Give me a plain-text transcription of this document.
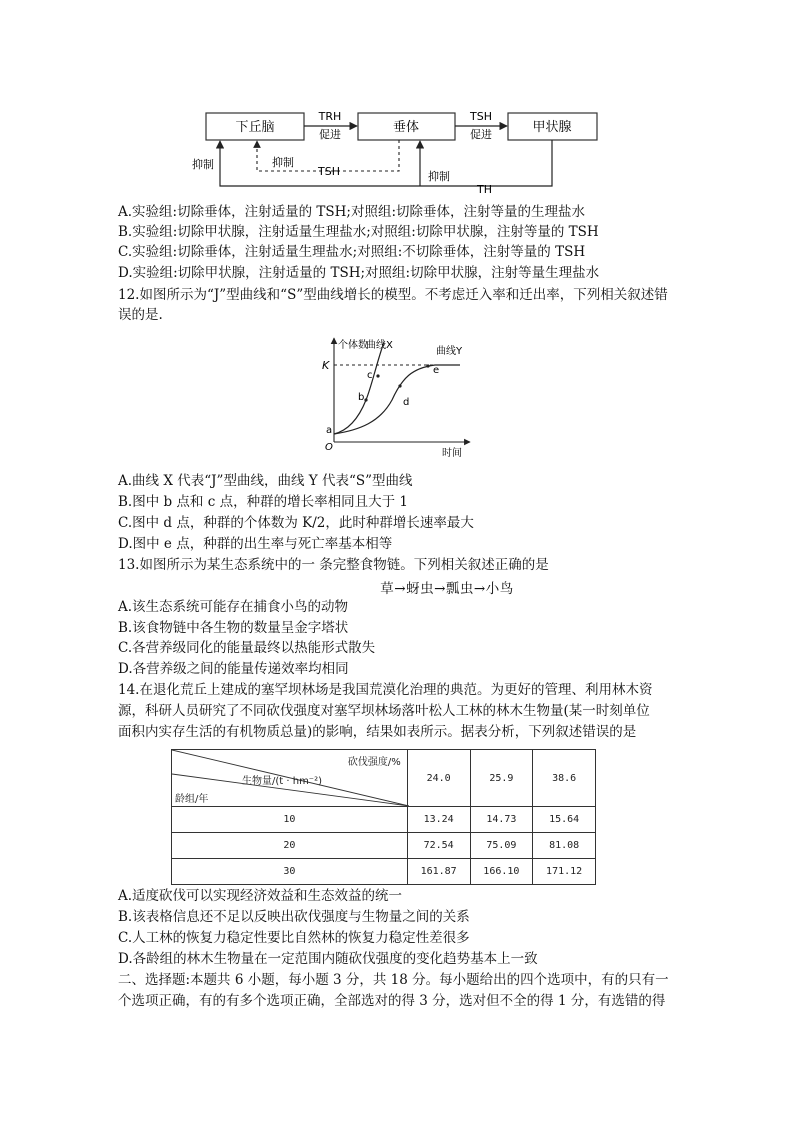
下丘脑	垂体	甲状腺
TRH
促进
TSH
促进
抑制
TH
抑制
抑制
TSH
A.实验组:切除垂体，注射适量的 TSH;对照组:切除垂体，注射等量的生理盐水
B.实验组:切除甲状腺，注射适量生理盐水;对照组:切除甲状腺，注射等量的 TSH
C.实验组:切除垂体，注射适量生理盐水;对照组:不切除垂体，注射等量的 TSH
D.实验组:切除甲状腺，注射适量的 TSH;对照组:切除甲状腺，注射等量生理盐水
12.如图所示为“J”型曲线和“S”型曲线增长的模型。不考虑迁入率和迁出率，下列相关叙述错
误的是.
个体数
时间
O
K
曲线X
曲线Y
a
b
c
d
e
A.曲线 X 代表“J”型曲线，曲线 Y 代表“S”型曲线
B.图中 b 点和 c 点，种群的增长率相同且大于 1
C.图中 d 点，种群的个体数为 K/2，此时种群增长速率最大
D.图中 e 点，种群的出生率与死亡率基本相等
13.如图所示为某生态系统中的一 条完整食物链。下列相关叙述正确的是
草→蚜虫→瓢虫→小鸟
A.该生态系统可能存在捕食小鸟的动物
B.该食物链中各生物的数量呈金字塔状
C.各营养级同化的能量最终以热能形式散失
D.各营养级之间的能量传递效率均相同
14.在退化荒丘上建成的塞罕坝林场是我国荒漠化治理的典范。为更好的管理、利用林木资
源，科研人员研究了不同砍伐强度对塞罕坝林场落叶松人工林的林木生物量(某一时刻单位
面积内实存生活的有机物质总量)的影响，结果如表所示。据表分析，下列叙述错误的是
砍伐强度/%
生物量/(t · hm⁻²)
龄组/年	24.0	25.9	38.6
10	13.24	14.73	15.64
20	72.54	75.09	81.08
30	161.87	166.10	171.12
A.适度砍伐可以实现经济效益和生态效益的统一
B.该表格信息还不足以反映出砍伐强度与生物量之间的关系
C.人工林的恢复力稳定性要比自然林的恢复力稳定性差很多
D.各龄组的林木生物量在一定范围内随砍伐强度的变化趋势基本上一致
二、选择题:本题共 6 小题，每小题 3 分，共 18 分。每小题给出的四个选项中，有的只有一
个选项正确，有的有多个选项正确，全部选对的得 3 分，选对但不全的得 1 分，有选错的得
